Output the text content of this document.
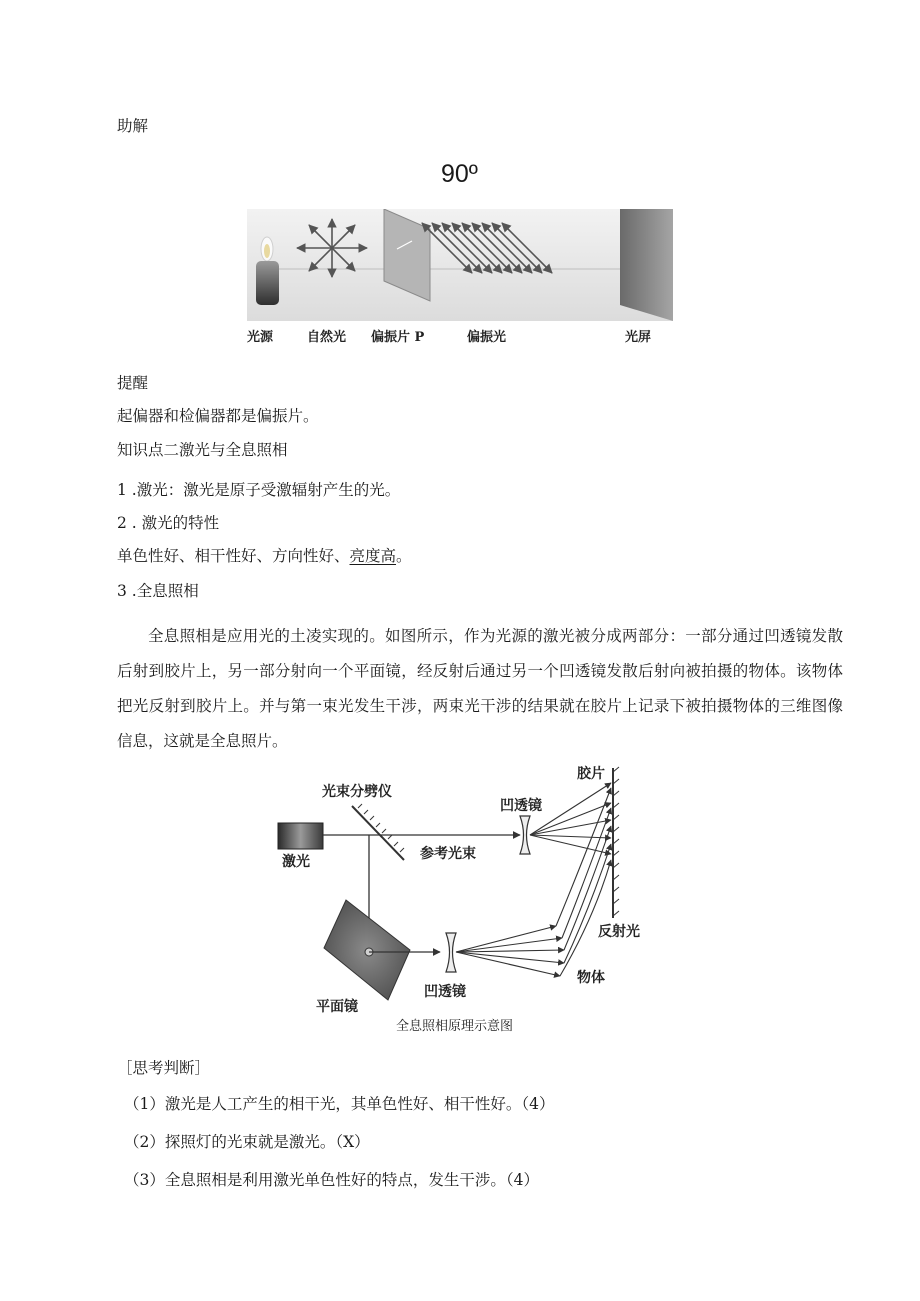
助解
90º
光源	自然光 偏振片 P	偏振光	光屏
提醒
起偏器和检偏器都是偏振片。
知识点二激光与全息照相
1 .激光：激光是原子受激辐射产生的光。
2 . 激光的特性
单色性好、相干性好、方向性好、亮度高。
3 .全息照相
全息照相是应用光的土凌实现的。如图所示，作为光源的激光被分成两部分：一部分通过凹透镜发散后射到胶片上，另一部分射向一个平面镜，经反射后通过另一个凹透镜发散后射向被拍摄的物体。该物体把光反射到胶片上。并与第一束光发生干涉，两束光干涉的结果就在胶片上记录下被拍摄物体的三维图像信息，这就是全息照片。
激光
光束分劈仪
参考光束
凹透镜
胶片
平面镜
凹透镜
反射光
物体
全息照相原理示意图
［思考判断］
（1）激光是人工产生的相干光，其单色性好、相干性好。（4）
（2）探照灯的光束就是激光。（X）
（3）全息照相是利用激光单色性好的特点，发生干涉。（4）
